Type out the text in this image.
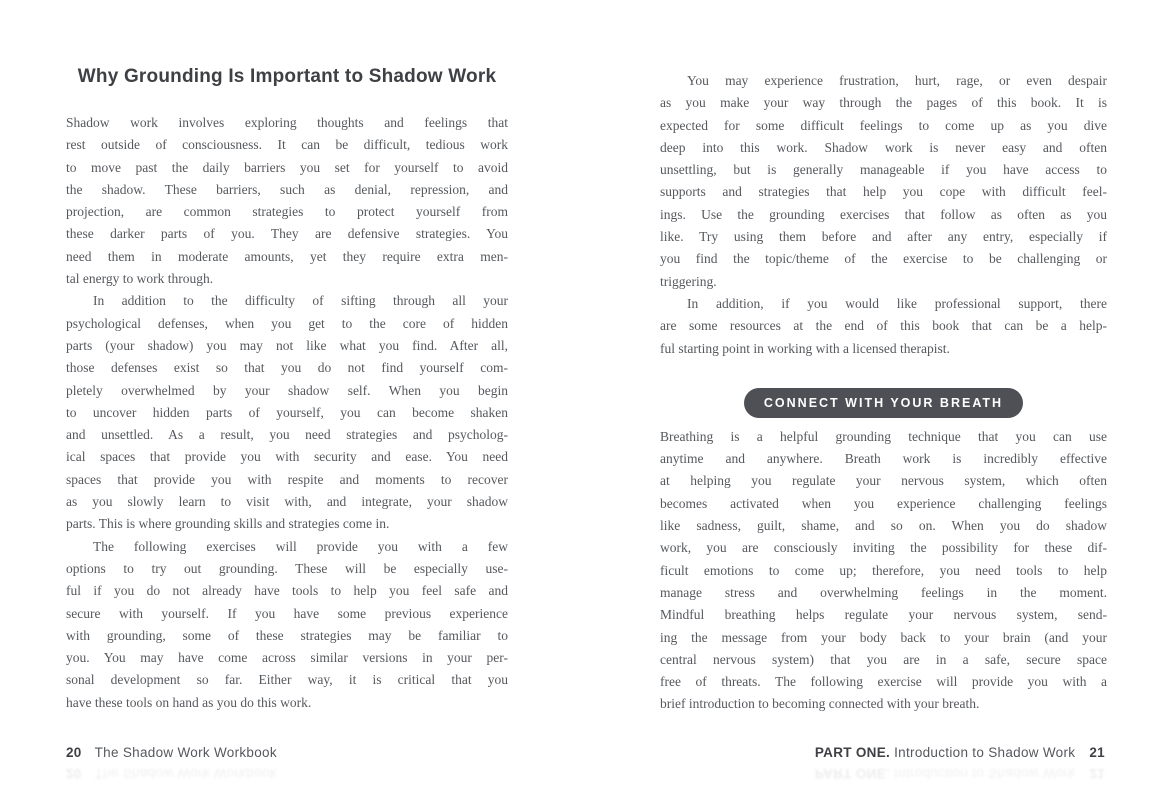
Why Grounding Is Important to Shadow Work

Shadow work involves exploring thoughts and feelings that
rest outside of consciousness. It can be difficult, tedious work
to move past the daily barriers you set for yourself to avoid
the shadow. These barriers, such as denial, repression, and
projection, are common strategies to protect yourself from
these darker parts of you. They are defensive strategies. You
need them in moderate amounts, yet they require extra men-
tal energy to work through.

In addition to the difficulty of sifting through all your
psychological defenses, when you get to the core of hidden
parts (your shadow) you may not like what you find. After all,
those defenses exist so that you do not find yourself com-
pletely overwhelmed by your shadow self. When you begin
to uncover hidden parts of yourself, you can become shaken
and unsettled. As a result, you need strategies and psycholog-
ical spaces that provide you with security and ease. You need
spaces that provide you with respite and moments to recover
as you slowly learn to visit with, and integrate, your shadow
parts. This is where grounding skills and strategies come in.

The following exercises will provide you with a few
options to try out grounding. These will be especially use-
ful if you do not already have tools to help you feel safe and
secure with yourself. If you have some previous experience
with grounding, some of these strategies may be familiar to
you. You may have come across similar versions in your per-
sonal development so far. Either way, it is critical that you
have these tools on hand as you do this work.

You may experience frustration, hurt, rage, or even despair
as you make your way through the pages of this book. It is
expected for some difficult feelings to come up as you dive
deep into this work. Shadow work is never easy and often
unsettling, but is generally manageable if you have access to
supports and strategies that help you cope with difficult feel-
ings. Use the grounding exercises that follow as often as you
like. Try using them before and after any entry, especially if
you find the topic/theme of the exercise to be challenging or
triggering.

In addition, if you would like professional support, there
are some resources at the end of this book that can be a help-
ful starting point in working with a licensed therapist.

CONNECT WITH YOUR BREATH

Breathing is a helpful grounding technique that you can use
anytime and anywhere. Breath work is incredibly effective
at helping you regulate your nervous system, which often
becomes activated when you experience challenging feelings
like sadness, guilt, shame, and so on. When you do shadow
work, you are consciously inviting the possibility for these dif-
ficult emotions to come up; therefore, you need tools to help
manage stress and overwhelming feelings in the moment.
Mindful breathing helps regulate your nervous system, send-
ing the message from your body back to your brain (and your
central nervous system) that you are in a safe, secure space
free of threats. The following exercise will provide you with a
brief introduction to becoming connected with your breath.

20 The Shadow Work Workbook	PART ONE. Introduction to Shadow Work 21
20 The Shadow Work Workbook	PART ONE. Introduction to Shadow Work 21
